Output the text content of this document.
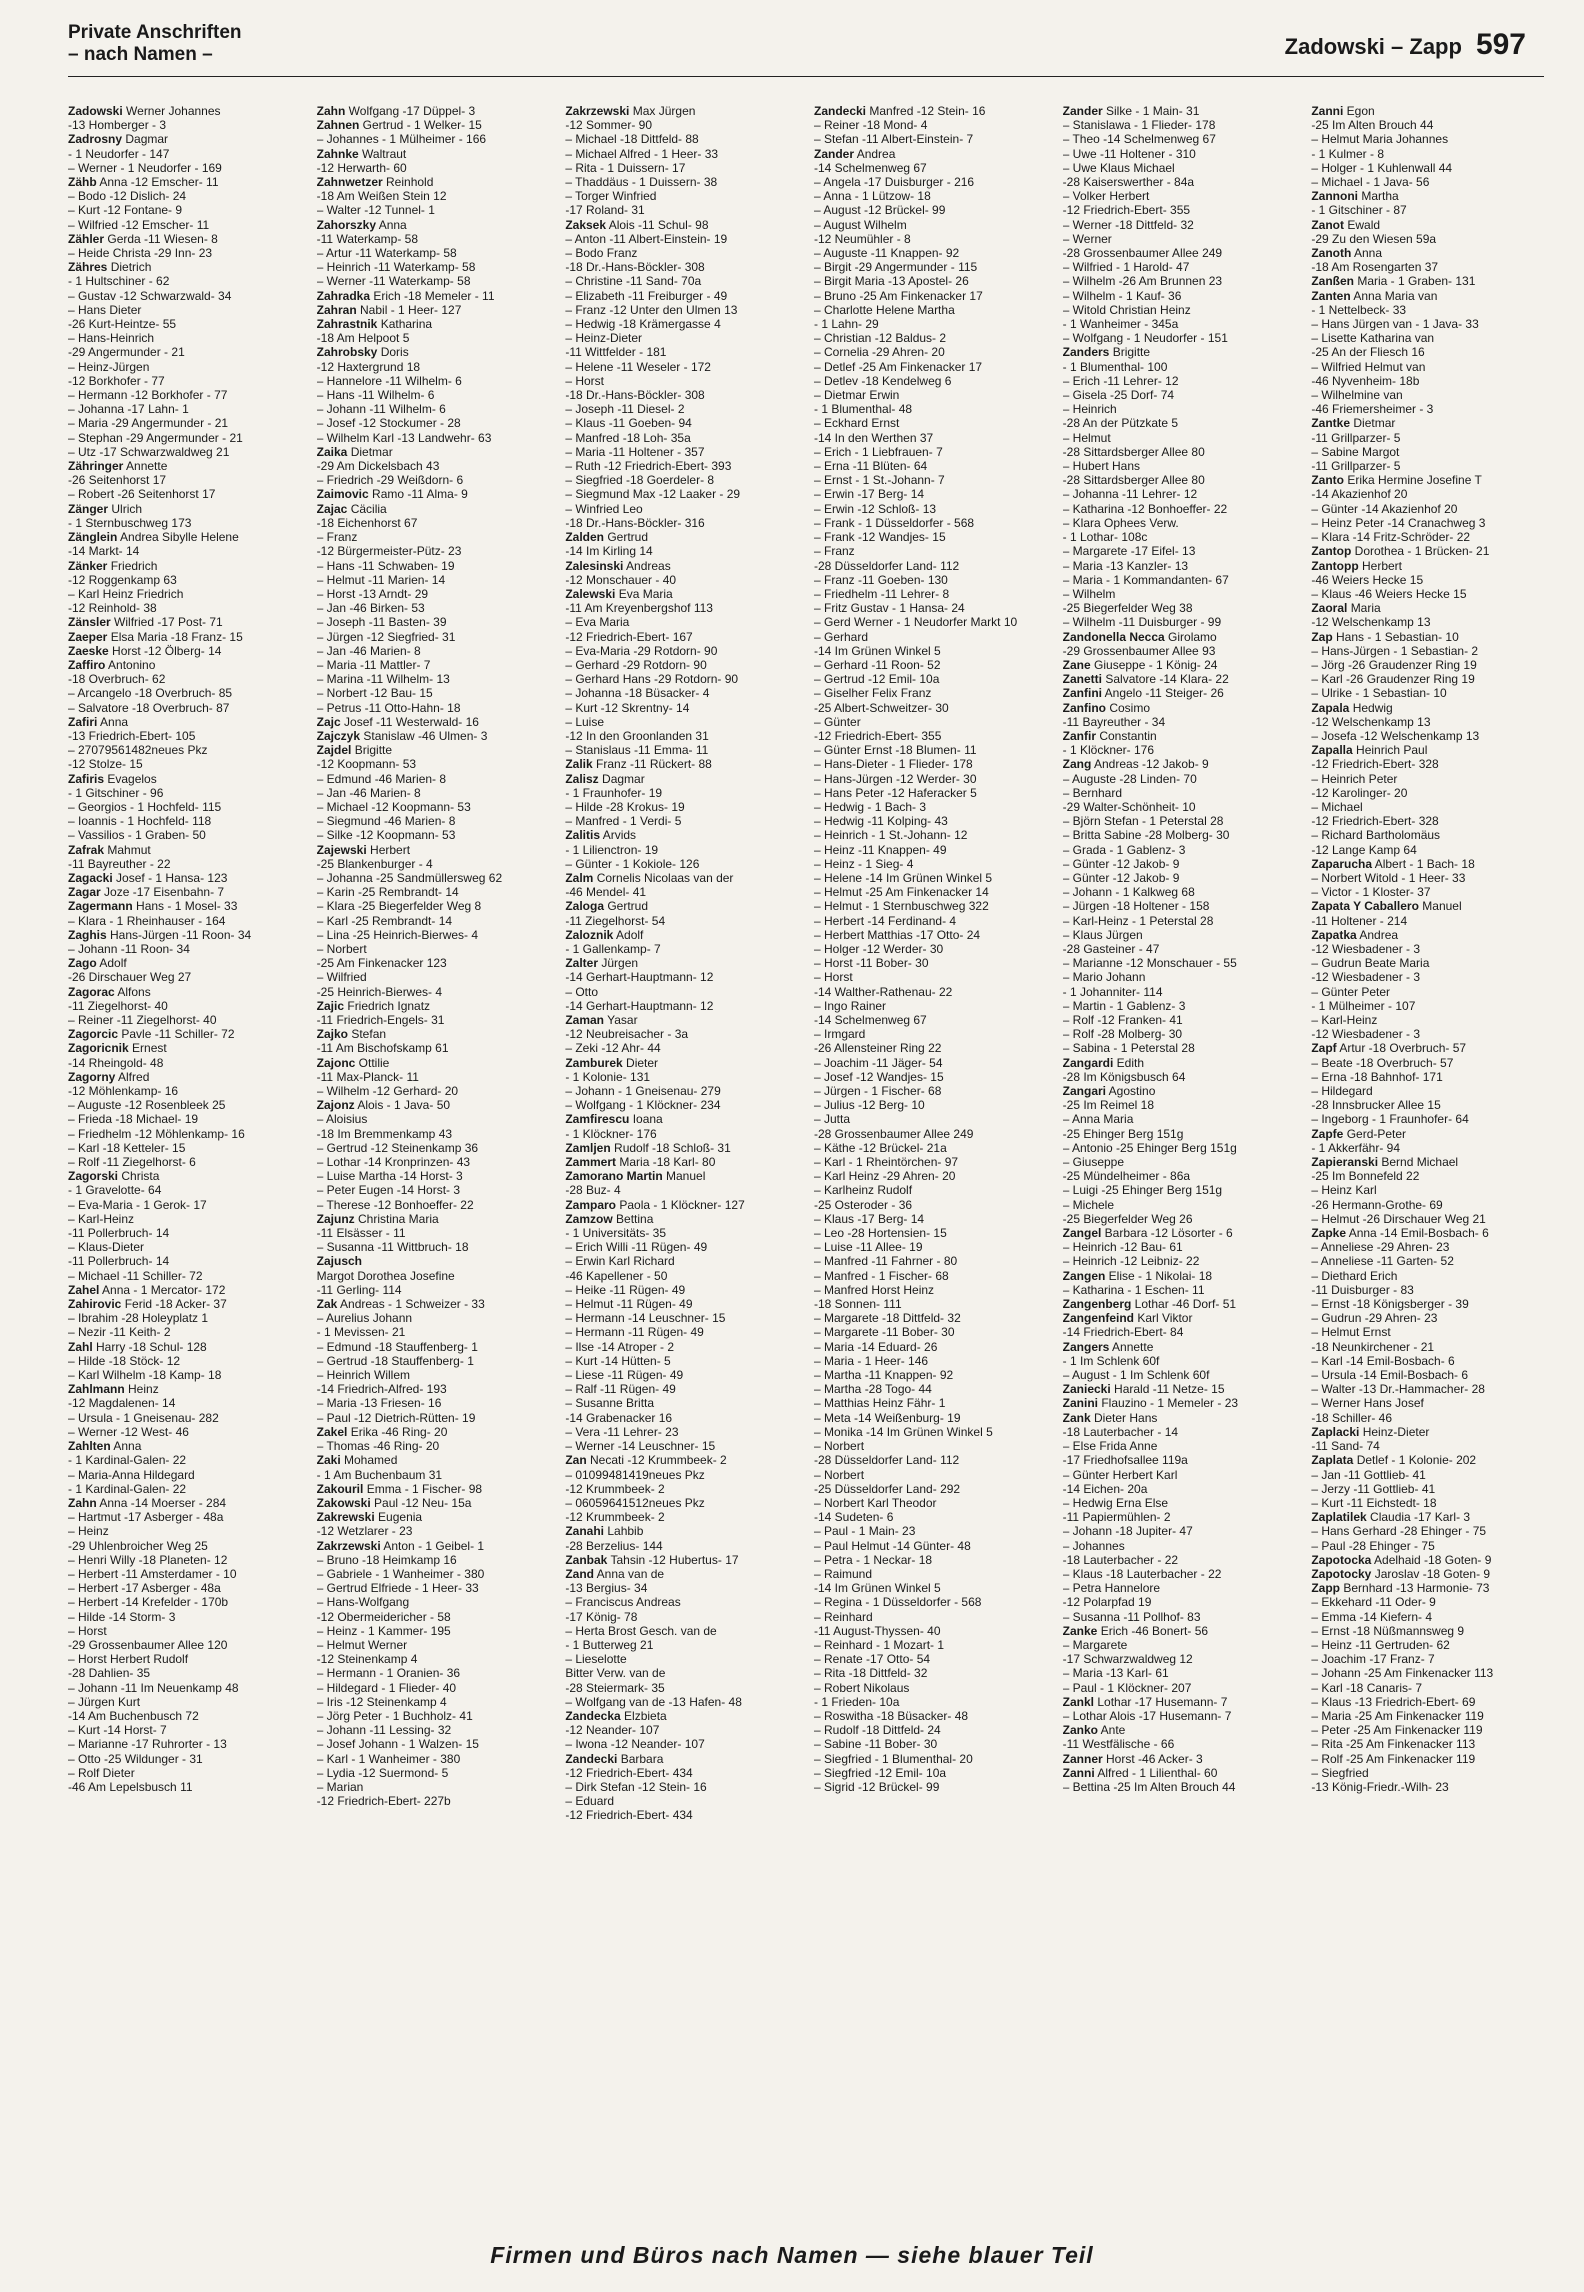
Private Anschriften
– nach Namen –	Zadowski – Zapp 597
Zadowski Werner Johannes
-13 Homberger - 3
Zadrosny Dagmar
- 1 Neudorfer - 147
– Werner - 1 Neudorfer - 169
Zähb Anna -12 Emscher- 11
– Bodo -12 Dislich- 24
– Kurt -12 Fontane- 9
– Wilfried -12 Emscher- 11
Zähler Gerda -11 Wiesen- 8
– Heide Christa -29 Inn- 23
Zähres Dietrich
- 1 Hultschiner - 62
– Gustav -12 Schwarzwald- 34
– Hans Dieter
-26 Kurt-Heintze- 55
– Hans-Heinrich
-29 Angermunder - 21
– Heinz-Jürgen
-12 Borkhofer - 77
– Hermann -12 Borkhofer - 77
– Johanna -17 Lahn- 1
– Maria -29 Angermunder - 21
– Stephan -29 Angermunder - 21
– Utz -17 Schwarzwaldweg 21
Zähringer Annette
-26 Seitenhorst 17
– Robert -26 Seitenhorst 17
Zänger Ulrich
- 1 Sternbuschweg 173
Zänglein Andrea Sibylle Helene
-14 Markt- 14
Zänker Friedrich
-12 Roggenkamp 63
– Karl Heinz Friedrich
-12 Reinhold- 38
Zänsler Wilfried -17 Post- 71
Zaeper Elsa Maria -18 Franz- 15
Zaeske Horst -12 Ölberg- 14
Zaffiro Antonino
-18 Overbruch- 62
– Arcangelo -18 Overbruch- 85
– Salvatore -18 Overbruch- 87
Zafiri Anna
-13 Friedrich-Ebert- 105
– 27079561482neues Pkz
-12 Stolze- 15
Zafiris Evagelos
- 1 Gitschiner - 96
– Georgios - 1 Hochfeld- 115
– Ioannis - 1 Hochfeld- 118
– Vassilios - 1 Graben- 50
Zafrak Mahmut
-11 Bayreuther - 22
Zagacki Josef - 1 Hansa- 123
Zagar Joze -17 Eisenbahn- 7
Zagermann Hans - 1 Mosel- 33
– Klara - 1 Rheinhauser - 164
Zaghis Hans-Jürgen -11 Roon- 34
– Johann -11 Roon- 34
Zago Adolf
-26 Dirschauer Weg 27
Zagorac Alfons
-11 Ziegelhorst- 40
– Reiner -11 Ziegelhorst- 40
Zagorcic Pavle -11 Schiller- 72
Zagoricnik Ernest
-14 Rheingold- 48
Zagorny Alfred
-12 Möhlenkamp- 16
– Auguste -12 Rosenbleek 25
– Frieda -18 Michael- 19
– Friedhelm -12 Möhlenkamp- 16
– Karl -18 Ketteler- 15
– Rolf -11 Ziegelhorst- 6
Zagorski Christa
- 1 Gravelotte- 64
– Eva-Maria - 1 Gerok- 17
– Karl-Heinz
-11 Pollerbruch- 14
– Klaus-Dieter
-11 Pollerbruch- 14
– Michael -11 Schiller- 72
Zahel Anna - 1 Mercator- 172
Zahirovic Ferid -18 Acker- 37
– Ibrahim -28 Holeyplatz 1
– Nezir -11 Keith- 2
Zahl Harry -18 Schul- 128
– Hilde -18 Stöck- 12
– Karl Wilhelm -18 Kamp- 18
Zahlmann Heinz
-12 Magdalenen- 14
– Ursula - 1 Gneisenau- 282
– Werner -12 West- 46
Zahlten Anna
- 1 Kardinal-Galen- 22
– Maria-Anna Hildegard
- 1 Kardinal-Galen- 22
Zahn Anna -14 Moerser - 284
– Hartmut -17 Asberger - 48a
– Heinz
-29 Uhlenbroicher Weg 25
– Henri Willy -18 Planeten- 12
– Herbert -11 Amsterdamer - 10
– Herbert -17 Asberger - 48a
– Herbert -14 Krefelder - 170b
– Hilde -14 Storm- 3
– Horst
-29 Grossenbaumer Allee 120
– Horst Herbert Rudolf
-28 Dahlien- 35
– Johann -11 Im Neuenkamp 48
– Jürgen Kurt
-14 Am Buchenbusch 72
– Kurt -14 Horst- 7
– Marianne -17 Ruhrorter - 13
– Otto -25 Wildunger - 31
– Rolf Dieter
-46 Am Lepelsbusch 11
Zahn Wolfgang -17 Düppel- 3
Zahnen Gertrud - 1 Welker- 15
– Johannes - 1 Mülheimer - 166
Zahnke Waltraut
-12 Herwarth- 60
Zahnwetzer Reinhold
-18 Am Weißen Stein 12
– Walter -12 Tunnel- 1
Zahorszky Anna
-11 Waterkamp- 58
– Artur -11 Waterkamp- 58
– Heinrich -11 Waterkamp- 58
– Werner -11 Waterkamp- 58
Zahradka Erich -18 Memeler - 11
Zahran Nabil - 1 Heer- 127
Zahrastnik Katharina
-18 Am Helpoot 5
Zahrobsky Doris
-12 Haxtergrund 18
– Hannelore -11 Wilhelm- 6
– Hans -11 Wilhelm- 6
– Johann -11 Wilhelm- 6
– Josef -12 Stockumer - 28
– Wilhelm Karl -13 Landwehr- 63
Zaika Dietmar
-29 Am Dickelsbach 43
– Friedrich -29 Weißdorn- 6
Zaimovic Ramo -11 Alma- 9
Zajac Cäcilia
-18 Eichenhorst 67
– Franz
-12 Bürgermeister-Pütz- 23
– Hans -11 Schwaben- 19
– Helmut -11 Marien- 14
– Horst -13 Arndt- 29
– Jan -46 Birken- 53
– Joseph -11 Basten- 39
– Jürgen -12 Siegfried- 31
– Jan -46 Marien- 8
– Maria -11 Mattler- 7
– Marina -11 Wilhelm- 13
– Norbert -12 Bau- 15
– Petrus -11 Otto-Hahn- 18
Zajc Josef -11 Westerwald- 16
Zajczyk Stanislaw -46 Ulmen- 3
Zajdel Brigitte
-12 Koopmann- 53
– Edmund -46 Marien- 8
– Jan -46 Marien- 8
– Michael -12 Koopmann- 53
– Siegmund -46 Marien- 8
– Silke -12 Koopmann- 53
Zajewski Herbert
-25 Blankenburger - 4
– Johanna -25 Sandmüllersweg 62
– Karin -25 Rembrandt- 14
– Klara -25 Biegerfelder Weg 8
– Karl -25 Rembrandt- 14
– Lina -25 Heinrich-Bierwes- 4
– Norbert
-25 Am Finkenacker 123
– Wilfried
-25 Heinrich-Bierwes- 4
Zajic Friedrich Ignatz
-11 Friedrich-Engels- 31
Zajko Stefan
-11 Am Bischofskamp 61
Zajonc Ottilie
-11 Max-Planck- 11
– Wilhelm -12 Gerhard- 20
Zajonz Alois - 1 Java- 50
– Aloisius
-18 Im Bremmenkamp 43
– Gertrud -12 Steinenkamp 36
– Lothar -14 Kronprinzen- 43
– Luise Martha -14 Horst- 3
– Peter Eugen -14 Horst- 3
– Therese -12 Bonhoeffer- 22
Zajunz Christina Maria
-11 Elsässer - 11
– Susanna -11 Wittbruch- 18
Zajusch
Margot Dorothea Josefine
-11 Gerling- 114
Zak Andreas - 1 Schweizer - 33
– Aurelius Johann
- 1 Mevissen- 21
– Edmund -18 Stauffenberg- 1
– Gertrud -18 Stauffenberg- 1
– Heinrich Willem
-14 Friedrich-Alfred- 193
– Maria -13 Friesen- 16
– Paul -12 Dietrich-Rütten- 19
Zakel Erika -46 Ring- 20
– Thomas -46 Ring- 20
Zaki Mohamed
- 1 Am Buchenbaum 31
Zakouril Emma - 1 Fischer- 98
Zakowski Paul -12 Neu- 15a
Zakrewski Eugenia
-12 Wetzlarer - 23
Zakrzewski Anton - 1 Geibel- 1
– Bruno -18 Heimkamp 16
– Gabriele - 1 Wanheimer - 380
– Gertrud Elfriede - 1 Heer- 33
– Hans-Wolfgang
-12 Obermeidericher - 58
– Heinz - 1 Kammer- 195
– Helmut Werner
-12 Steinenkamp 4
– Hermann - 1 Oranien- 36
– Hildegard - 1 Flieder- 40
– Iris -12 Steinenkamp 4
– Jörg Peter - 1 Buchholz- 41
– Johann -11 Lessing- 32
– Josef Johann - 1 Walzen- 15
– Karl - 1 Wanheimer - 380
– Lydia -12 Suermond- 5
– Marian
-12 Friedrich-Ebert- 227b
Zakrzewski Max Jürgen
-12 Sommer- 90
– Michael -18 Dittfeld- 88
– Michael Alfred - 1 Heer- 33
– Rita - 1 Duissern- 17
– Thaddäus - 1 Duissern- 38
– Torger Winfried
-17 Roland- 31
Zaksek Alois -11 Schul- 98
– Anton -11 Albert-Einstein- 19
– Bodo Franz
-18 Dr.-Hans-Böckler- 308
– Christine -11 Sand- 70a
– Elizabeth -11 Freiburger - 49
– Franz -12 Unter den Ulmen 13
– Hedwig -18 Krämergasse 4
– Heinz-Dieter
-11 Wittfelder - 181
– Helene -11 Weseler - 172
– Horst
-18 Dr.-Hans-Böckler- 308
– Joseph -11 Diesel- 2
– Klaus -11 Goeben- 94
– Manfred -18 Loh- 35a
– Maria -11 Holtener - 357
– Ruth -12 Friedrich-Ebert- 393
– Siegfried -18 Goerdeler- 8
– Siegmund Max -12 Laaker - 29
– Winfried Leo
-18 Dr.-Hans-Böckler- 316
Zalden Gertrud
-14 Im Kirling 14
Zalesinski Andreas
-12 Monschauer - 40
Zalewski Eva Maria
-11 Am Kreyenbergshof 113
– Eva Maria
-12 Friedrich-Ebert- 167
– Eva-Maria -29 Rotdorn- 90
– Gerhard -29 Rotdorn- 90
– Gerhard Hans -29 Rotdorn- 90
– Johanna -18 Büsacker- 4
– Kurt -12 Skrentny- 14
– Luise
-12 In den Groonlanden 31
– Stanislaus -11 Emma- 11
Zalik Franz -11 Rückert- 88
Zalisz Dagmar
- 1 Fraunhofer- 19
– Hilde -28 Krokus- 19
– Manfred - 1 Verdi- 5
Zalitis Arvids
- 1 Lilienctron- 19
– Günter - 1 Kokiole- 126
Zalm Cornelis Nicolaas van der
-46 Mendel- 41
Zaloga Gertrud
-11 Ziegelhorst- 54
Zaloznik Adolf
- 1 Gallenkamp- 7
Zalter Jürgen
-14 Gerhart-Hauptmann- 12
– Otto
-14 Gerhart-Hauptmann- 12
Zaman Yasar
-12 Neubreisacher - 3a
– Zeki -12 Ahr- 44
Zamburek Dieter
- 1 Kolonie- 131
– Johann - 1 Gneisenau- 279
– Wolfgang - 1 Klöckner- 234
Zamfirescu Ioana
- 1 Klöckner- 176
Zamljen Rudolf -18 Schloß- 31
Zammert Maria -18 Karl- 80
Zamorano Martin Manuel
-28 Buz- 4
Zamparo Paola - 1 Klöckner- 127
Zamzow Bettina
- 1 Universitäts- 35
– Erich Willi -11 Rügen- 49
– Erwin Karl Richard
-46 Kapellener - 50
– Heike -11 Rügen- 49
– Helmut -11 Rügen- 49
– Hermann -14 Leuschner- 15
– Hermann -11 Rügen- 49
– Ilse -14 Atroper - 2
– Kurt -14 Hütten- 5
– Liese -11 Rügen- 49
– Ralf -11 Rügen- 49
– Susanne Britta
-14 Grabenacker 16
– Vera -11 Lehrer- 23
– Werner -14 Leuschner- 15
Zan Necati -12 Krummbeek- 2
– 01099481419neues Pkz
-12 Krummbeek- 2
– 06059641512neues Pkz
-12 Krummbeek- 2
Zanahi Lahbib
-28 Berzelius- 144
Zanbak Tahsin -12 Hubertus- 17
Zand Anna van de
-13 Bergius- 34
– Franciscus Andreas
-17 König- 78
– Herta Brost Gesch. van de
- 1 Butterweg 21
– Lieselotte
Bitter Verw. van de
-28 Steiermark- 35
– Wolfgang van de -13 Hafen- 48
Zandecka Elzbieta
-12 Neander- 107
– Iwona -12 Neander- 107
Zandecki Barbara
-12 Friedrich-Ebert- 434
– Dirk Stefan -12 Stein- 16
– Eduard
-12 Friedrich-Ebert- 434
Zandecki Manfred -12 Stein- 16
– Reiner -18 Mond- 4
– Stefan -11 Albert-Einstein- 7
Zander Andrea
-14 Schelmenweg 67
– Angela -17 Duisburger - 216
– Anna - 1 Lützow- 18
– August -12 Brückel- 99
– August Wilhelm
-12 Neumühler - 8
– Auguste -11 Knappen- 92
– Birgit -29 Angermunder - 115
– Birgit Maria -13 Apostel- 26
– Bruno -25 Am Finkenacker 17
– Charlotte Helene Martha
- 1 Lahn- 29
– Christian -12 Baldus- 2
– Cornelia -29 Ahren- 20
– Detlef -25 Am Finkenacker 17
– Detlev -18 Kendelweg 6
– Dietmar Erwin
- 1 Blumenthal- 48
– Eckhard Ernst
-14 In den Werthen 37
– Erich - 1 Liebfrauen- 7
– Erna -11 Blüten- 64
– Ernst - 1 St.-Johann- 7
– Erwin -17 Berg- 14
– Erwin -12 Schloß- 13
– Frank - 1 Düsseldorfer - 568
– Frank -12 Wandjes- 15
– Franz
-28 Düsseldorfer Land- 112
– Franz -11 Goeben- 130
– Friedhelm -11 Lehrer- 8
– Fritz Gustav - 1 Hansa- 24
– Gerd Werner - 1 Neudorfer Markt 10
– Gerhard
-14 Im Grünen Winkel 5
– Gerhard -11 Roon- 52
– Gertrud -12 Emil- 10a
– Giselher Felix Franz
-25 Albert-Schweitzer- 30
– Günter
-12 Friedrich-Ebert- 355
– Günter Ernst -18 Blumen- 11
– Hans-Dieter - 1 Flieder- 178
– Hans-Jürgen -12 Werder- 30
– Hans Peter -12 Haferacker 5
– Hedwig - 1 Bach- 3
– Hedwig -11 Kolping- 43
– Heinrich - 1 St.-Johann- 12
– Heinz -11 Knappen- 49
– Heinz - 1 Sieg- 4
– Helene -14 Im Grünen Winkel 5
– Helmut -25 Am Finkenacker 14
– Helmut - 1 Sternbuschweg 322
– Herbert -14 Ferdinand- 4
– Herbert Matthias -17 Otto- 24
– Holger -12 Werder- 30
– Horst -11 Bober- 30
– Horst
-14 Walther-Rathenau- 22
– Ingo Rainer
-14 Schelmenweg 67
– Irmgard
-26 Allensteiner Ring 22
– Joachim -11 Jäger- 54
– Josef -12 Wandjes- 15
– Jürgen - 1 Fischer- 68
– Julius -12 Berg- 10
– Jutta
-28 Grossenbaumer Allee 249
– Käthe -12 Brückel- 21a
– Karl - 1 Rheintörchen- 97
– Karl Heinz -29 Ahren- 20
– Karlheinz Rudolf
-25 Osteroder - 36
– Klaus -17 Berg- 14
– Leo -28 Hortensien- 15
– Luise -11 Allee- 19
– Manfred -11 Fahrner - 80
– Manfred - 1 Fischer- 68
– Manfred Horst Heinz
-18 Sonnen- 111
– Margarete -18 Dittfeld- 32
– Margarete -11 Bober- 30
– Maria -14 Eduard- 26
– Maria - 1 Heer- 146
– Martha -11 Knappen- 92
– Martha -28 Togo- 44
– Matthias Heinz Fähr- 1
– Meta -14 Weißenburg- 19
– Monika -14 Im Grünen Winkel 5
– Norbert
-28 Düsseldorfer Land- 112
– Norbert
-25 Düsseldorfer Land- 292
– Norbert Karl Theodor
-14 Sudeten- 6
– Paul - 1 Main- 23
– Paul Helmut -14 Günter- 48
– Petra - 1 Neckar- 18
– Raimund
-14 Im Grünen Winkel 5
– Regina - 1 Düsseldorfer - 568
– Reinhard
-11 August-Thyssen- 40
– Reinhard - 1 Mozart- 1
– Renate -17 Otto- 54
– Rita -18 Dittfeld- 32
– Robert Nikolaus
- 1 Frieden- 10a
– Roswitha -18 Büsacker- 48
– Rudolf -18 Dittfeld- 24
– Sabine -11 Bober- 30
– Siegfried - 1 Blumenthal- 20
– Siegfried -12 Emil- 10a
– Sigrid -12 Brückel- 99
Zander Silke - 1 Main- 31
– Stanislawa - 1 Flieder- 178
– Theo -14 Schelmenweg 67
– Uwe -11 Holtener - 310
– Uwe Klaus Michael
-28 Kaiserswerther - 84a
– Volker Herbert
-12 Friedrich-Ebert- 355
– Werner -18 Dittfeld- 32
– Werner
-28 Grossenbaumer Allee 249
– Wilfried - 1 Harold- 47
– Wilhelm -26 Am Brunnen 23
– Wilhelm - 1 Kauf- 36
– Witold Christian Heinz
- 1 Wanheimer - 345a
– Wolfgang - 1 Neudorfer - 151
Zanders Brigitte
- 1 Blumenthal- 100
– Erich -11 Lehrer- 12
– Gisela -25 Dorf- 74
– Heinrich
-28 An der Pützkate 5
– Helmut
-28 Sittardsberger Allee 80
– Hubert Hans
-28 Sittardsberger Allee 80
– Johanna -11 Lehrer- 12
– Katharina -12 Bonhoeffer- 22
– Klara Ophees Verw.
- 1 Lothar- 108c
– Margarete -17 Eifel- 13
– Maria -13 Kanzler- 13
– Maria - 1 Kommandanten- 67
– Wilhelm
-25 Biegerfelder Weg 38
– Wilhelm -11 Duisburger - 99
Zandonella Necca Girolamo
-29 Grossenbaumer Allee 93
Zane Giuseppe - 1 König- 24
Zanetti Salvatore -14 Klara- 22
Zanfini Angelo -11 Steiger- 26
Zanfino Cosimo
-11 Bayreuther - 34
Zanfir Constantin
- 1 Klöckner- 176
Zang Andreas -12 Jakob- 9
– Auguste -28 Linden- 70
– Bernhard
-29 Walter-Schönheit- 10
– Björn Stefan - 1 Peterstal 28
– Britta Sabine -28 Molberg- 30
– Grada - 1 Gablenz- 3
– Günter -12 Jakob- 9
– Günter -12 Jakob- 9
– Johann - 1 Kalkweg 68
– Jürgen -18 Holtener - 158
– Karl-Heinz - 1 Peterstal 28
– Klaus Jürgen
-28 Gasteiner - 47
– Marianne -12 Monschauer - 55
– Mario Johann
- 1 Johanniter- 114
– Martin - 1 Gablenz- 3
– Rolf -12 Franken- 41
– Rolf -28 Molberg- 30
– Sabina - 1 Peterstal 28
Zangardi Edith
-28 Im Königsbusch 64
Zangari Agostino
-25 Im Reimel 18
– Anna Maria
-25 Ehinger Berg 151g
– Antonio -25 Ehinger Berg 151g
– Giuseppe
-25 Mündelheimer - 86a
– Luigi -25 Ehinger Berg 151g
– Michele
-25 Biegerfelder Weg 26
Zangel Barbara -12 Lösorter - 6
– Heinrich -12 Bau- 61
– Heinrich -12 Leibniz- 22
Zangen Elise - 1 Nikolai- 18
– Katharina - 1 Eschen- 11
Zangenberg Lothar -46 Dorf- 51
Zangenfeind Karl Viktor
-14 Friedrich-Ebert- 84
Zangers Annette
- 1 Im Schlenk 60f
– August - 1 Im Schlenk 60f
Zaniecki Harald -11 Netze- 15
Zanini Flauzino - 1 Memeler - 23
Zank Dieter Hans
-18 Lauterbacher - 14
– Else Frida Anne
-17 Friedhofsallee 119a
– Günter Herbert Karl
-14 Eichen- 20a
– Hedwig Erna Else
-11 Papiermühlen- 2
– Johann -18 Jupiter- 47
– Johannes
-18 Lauterbacher - 22
– Klaus -18 Lauterbacher - 22
– Petra Hannelore
-12 Polarpfad 19
– Susanna -11 Pollhof- 83
Zanke Erich -46 Bonert- 56
– Margarete
-17 Schwarzwaldweg 12
– Maria -13 Karl- 61
– Paul - 1 Klöckner- 207
Zankl Lothar -17 Husemann- 7
– Lothar Alois -17 Husemann- 7
Zanko Ante
-11 Westfälische - 66
Zanner Horst -46 Acker- 3
Zanni Alfred - 1 Lilienthal- 60
– Bettina -25 Im Alten Brouch 44
Zanni Egon
-25 Im Alten Brouch 44
– Helmut Maria Johannes
- 1 Kulmer - 8
– Holger - 1 Kuhlenwall 44
– Michael - 1 Java- 56
Zannoni Martha
- 1 Gitschiner - 87
Zanot Ewald
-29 Zu den Wiesen 59a
Zanoth Anna
-18 Am Rosengarten 37
Zanßen Maria - 1 Graben- 131
Zanten Anna Maria van
- 1 Nettelbeck- 33
– Hans Jürgen van - 1 Java- 33
– Lisette Katharina van
-25 An der Fliesch 16
– Wilfried Helmut van
-46 Nyvenheim- 18b
– Wilhelmine van
-46 Friemersheimer - 3
Zantke Dietmar
-11 Grillparzer- 5
– Sabine Margot
-11 Grillparzer- 5
Zanto Erika Hermine Josefine T
-14 Akazienhof 20
– Günter -14 Akazienhof 20
– Heinz Peter -14 Cranachweg 3
– Klara -14 Fritz-Schröder- 22
Zantop Dorothea - 1 Brücken- 21
Zantopp Herbert
-46 Weiers Hecke 15
– Klaus -46 Weiers Hecke 15
Zaoral Maria
-12 Welschenkamp 13
Zap Hans - 1 Sebastian- 10
– Hans-Jürgen - 1 Sebastian- 2
– Jörg -26 Graudenzer Ring 19
– Karl -26 Graudenzer Ring 19
– Ulrike - 1 Sebastian- 10
Zapala Hedwig
-12 Welschenkamp 13
– Josefa -12 Welschenkamp 13
Zapalla Heinrich Paul
-12 Friedrich-Ebert- 328
– Heinrich Peter
-12 Karolinger- 20
– Michael
-12 Friedrich-Ebert- 328
– Richard Bartholomäus
-12 Lange Kamp 64
Zaparucha Albert - 1 Bach- 18
– Norbert Witold - 1 Heer- 33
– Victor - 1 Kloster- 37
Zapata Y Caballero Manuel
-11 Holtener - 214
Zapatka Andrea
-12 Wiesbadener - 3
– Gudrun Beate Maria
-12 Wiesbadener - 3
– Günter Peter
- 1 Mülheimer - 107
– Karl-Heinz
-12 Wiesbadener - 3
Zapf Artur -18 Overbruch- 57
– Beate -18 Overbruch- 57
– Erna -18 Bahnhof- 171
– Hildegard
-28 Innsbrucker Allee 15
– Ingeborg - 1 Fraunhofer- 64
Zapfe Gerd-Peter
- 1 Akkerfähr- 94
Zapieranski Bernd Michael
-25 Im Bonnefeld 22
– Heinz Karl
-26 Hermann-Grothe- 69
– Helmut -26 Dirschauer Weg 21
Zapke Anna -14 Emil-Bosbach- 6
– Anneliese -29 Ahren- 23
– Anneliese -11 Garten- 52
– Diethard Erich
-11 Duisburger - 83
– Ernst -18 Königsberger - 39
– Gudrun -29 Ahren- 23
– Helmut Ernst
-18 Neunkirchener - 21
– Karl -14 Emil-Bosbach- 6
– Ursula -14 Emil-Bosbach- 6
– Walter -13 Dr.-Hammacher- 28
– Werner Hans Josef
-18 Schiller- 46
Zaplacki Heinz-Dieter
-11 Sand- 74
Zaplata Detlef - 1 Kolonie- 202
– Jan -11 Gottlieb- 41
– Jerzy -11 Gottlieb- 41
– Kurt -11 Eichstedt- 18
Zaplatilek Claudia -17 Karl- 3
– Hans Gerhard -28 Ehinger - 75
– Paul -28 Ehinger - 75
Zapotocka Adelhaid -18 Goten- 9
Zapotocky Jaroslav -18 Goten- 9
Zapp Bernhard -13 Harmonie- 73
– Ekkehard -11 Oder- 9
– Emma -14 Kiefern- 4
– Ernst -18 Nüßmannsweg 9
– Heinz -11 Gertruden- 62
– Joachim -17 Franz- 7
– Johann -25 Am Finkenacker 113
– Karl -18 Canaris- 7
– Klaus -13 Friedrich-Ebert- 69
– Maria -25 Am Finkenacker 119
– Peter -25 Am Finkenacker 119
– Rita -25 Am Finkenacker 113
– Rolf -25 Am Finkenacker 119
– Siegfried
-13 König-Friedr.-Wilh- 23
Firmen und Büros nach Namen — siehe blauer Teil
